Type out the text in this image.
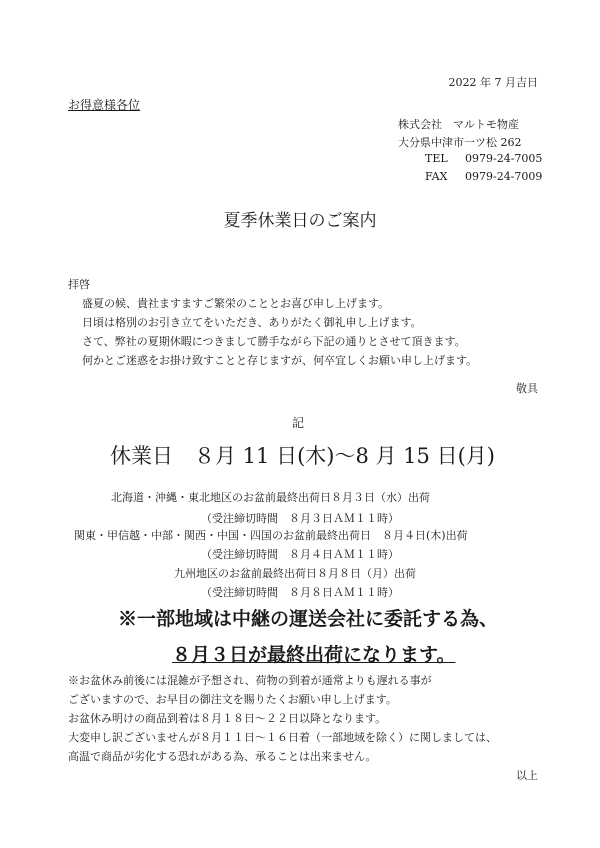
2022 年 7 月吉日
お得意様各位
株式会社　マルトモ物産
大分県中津市一ツ松 262
TEL 0979-24-7005
FAX 0979-24-7009
夏季休業日のご案内
拝啓
盛夏の候、貴社ますますご繁栄のこととお喜び申し上げます。
日頃は格別のお引き立てをいただき、ありがたく御礼申し上げます。
さて、弊社の夏期休暇につきまして勝手ながら下記の通りとさせて頂きます。
何かとご迷惑をお掛け致すことと存じますが、何卒宜しくお願い申し上げます。
敬具
記
休業日　８月 11 日(木)～8 月 15 日(月)
北海道・沖縄・東北地区のお盆前最終出荷日８月３日（水）出荷
（受注締切時間　８月３日ＡＭ１１時）
関東・甲信越・中部・関西・中国・四国のお盆前最終出荷日　８月４日(木)出荷
（受注締切時間　８月４日ＡＭ１１時）
九州地区のお盆前最終出荷日８月８日（月）出荷
（受注締切時間　８月８日ＡＭ１１時）
※一部地域は中継の運送会社に委託する為、
８月３日が最終出荷になります。
※お盆休み前後には混雑が予想され、荷物の到着が通常よりも遅れる事が
ございますので、お早目の御注文を賜りたくお願い申し上げます。
お盆休み明けの商品到着は８月１８日～２２日以降となります。
大変申し訳ございませんが８月１１日～１６日着（一部地域を除く）に関しましては、
高温で商品が劣化する恐れがある為、承ることは出来ません。
以上
